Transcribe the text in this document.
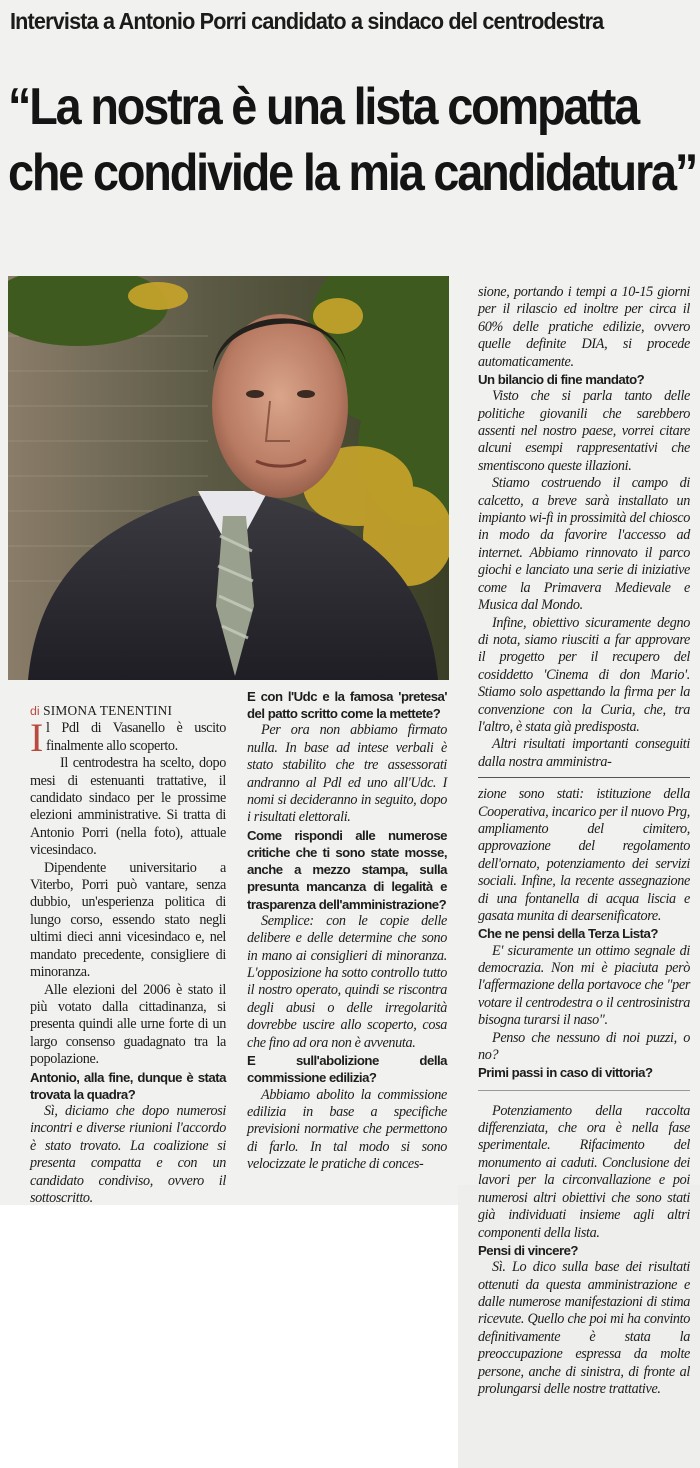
Intervista a Antonio Porri candidato a sindaco del centrodestra
“La nostra è una lista compatta
che condivide la mia candidatura”

di SIMONA TENENTINI

Il Pdl di Vasanello è uscito finalmente allo scoperto.

Il centrodestra ha scelto, dopo mesi di estenuanti trattative, il candidato sindaco per le prossime elezioni amministrative. Si tratta di Antonio Porri (nella foto), attuale vicesindaco.

Dipendente universitario a Viterbo, Porri può vantare, senza dubbio, un'esperienza politica di lungo corso, essendo stato negli ultimi dieci anni vicesindaco e, nel mandato precedente, consigliere di minoranza.

Alle elezioni del 2006 è stato il più votato dalla cittadinanza, si presenta quindi alle urne forte di un largo consenso guadagnato tra la popolazione.

Antonio, alla fine, dunque è stata trovata la quadra?

Sì, diciamo che dopo numerosi incontri e diverse riunioni l'accordo è stato trovato. La coalizione si presenta compatta e con un candidato condiviso, ovvero il sottoscritto.

E con l'Udc e la famosa 'pretesa' del patto scritto come la mettete?

Per ora non abbiamo firmato nulla. In base ad intese verbali è stato stabilito che tre assessorati andranno al Pdl ed uno all'Udc. I nomi si decideranno in seguito, dopo i risultati elettorali.

Come rispondi alle numerose critiche che ti sono state mosse, anche a mezzo stampa, sulla presunta mancanza di legalità e trasparenza dell'amministrazione?

Semplice: con le copie delle delibere e delle determine che sono in mano ai consiglieri di minoranza. L'opposizione ha sotto controllo tutto il nostro operato, quindi se riscontra degli abusi o delle irregolarità dovrebbe uscire allo scoperto, cosa che fino ad ora non è avvenuta.

E sull'abolizione della commissione edilizia?

Abbiamo abolito la commissione edilizia in base a specifiche previsioni normative che permettono di farlo. In tal modo si sono velocizzate le pratiche di conces-

sione, portando i tempi a 10-15 giorni per il rilascio ed inoltre per circa il 60% delle pratiche edilizie, ovvero quelle definite DIA, si procede automaticamente.

Un bilancio di fine mandato?

Visto che si parla tanto delle politiche giovanili che sarebbero assenti nel nostro paese, vorrei citare alcuni esempi rappresentativi che smentiscono queste illazioni.

Stiamo costruendo il campo di calcetto, a breve sarà installato un impianto wi-fi in prossimità del chiosco in modo da favorire l'accesso ad internet. Abbiamo rinnovato il parco giochi e lanciato una serie di iniziative come la Primavera Medievale e Musica dal Mondo.

Infine, obiettivo sicuramente degno di nota, siamo riusciti a far approvare il progetto per il recupero del cosiddetto 'Cinema di don Mario'. Stiamo solo aspettando la firma per la convenzione con la Curia, che, tra l'altro, è stata già predisposta.

Altri risultati importanti conseguiti dalla nostra amministra-

zione sono stati: istituzione della Cooperativa, incarico per il nuovo Prg, ampliamento del cimitero, approvazione del regolamento dell'ornato, potenziamento dei servizi sociali. Infine, la recente assegnazione di una fontanella di acqua liscia e gasata munita di dearsenificatore.

Che ne pensi della Terza Lista?

E' sicuramente un ottimo segnale di democrazia. Non mi è piaciuta però l'affermazione della portavoce che "per votare il centrodestra o il centrosinistra bisogna turarsi il naso".

Penso che nessuno di noi puzzi, o no?

Primi passi in caso di vittoria?

Potenziamento della raccolta differenziata, che ora è nella fase sperimentale. Rifacimento del monumento ai caduti. Conclusione dei lavori per la circonvallazione e poi numerosi altri obiettivi che sono stati già individuati insieme agli altri componenti della lista.

Pensi di vincere?

Sì. Lo dico sulla base dei risultati ottenuti da questa amministrazione e dalle numerose manifestazioni di stima ricevute. Quello che poi mi ha convinto definitivamente è stata la preoccupazione espressa da molte persone, anche di sinistra, di fronte al prolungarsi delle nostre trattative.
